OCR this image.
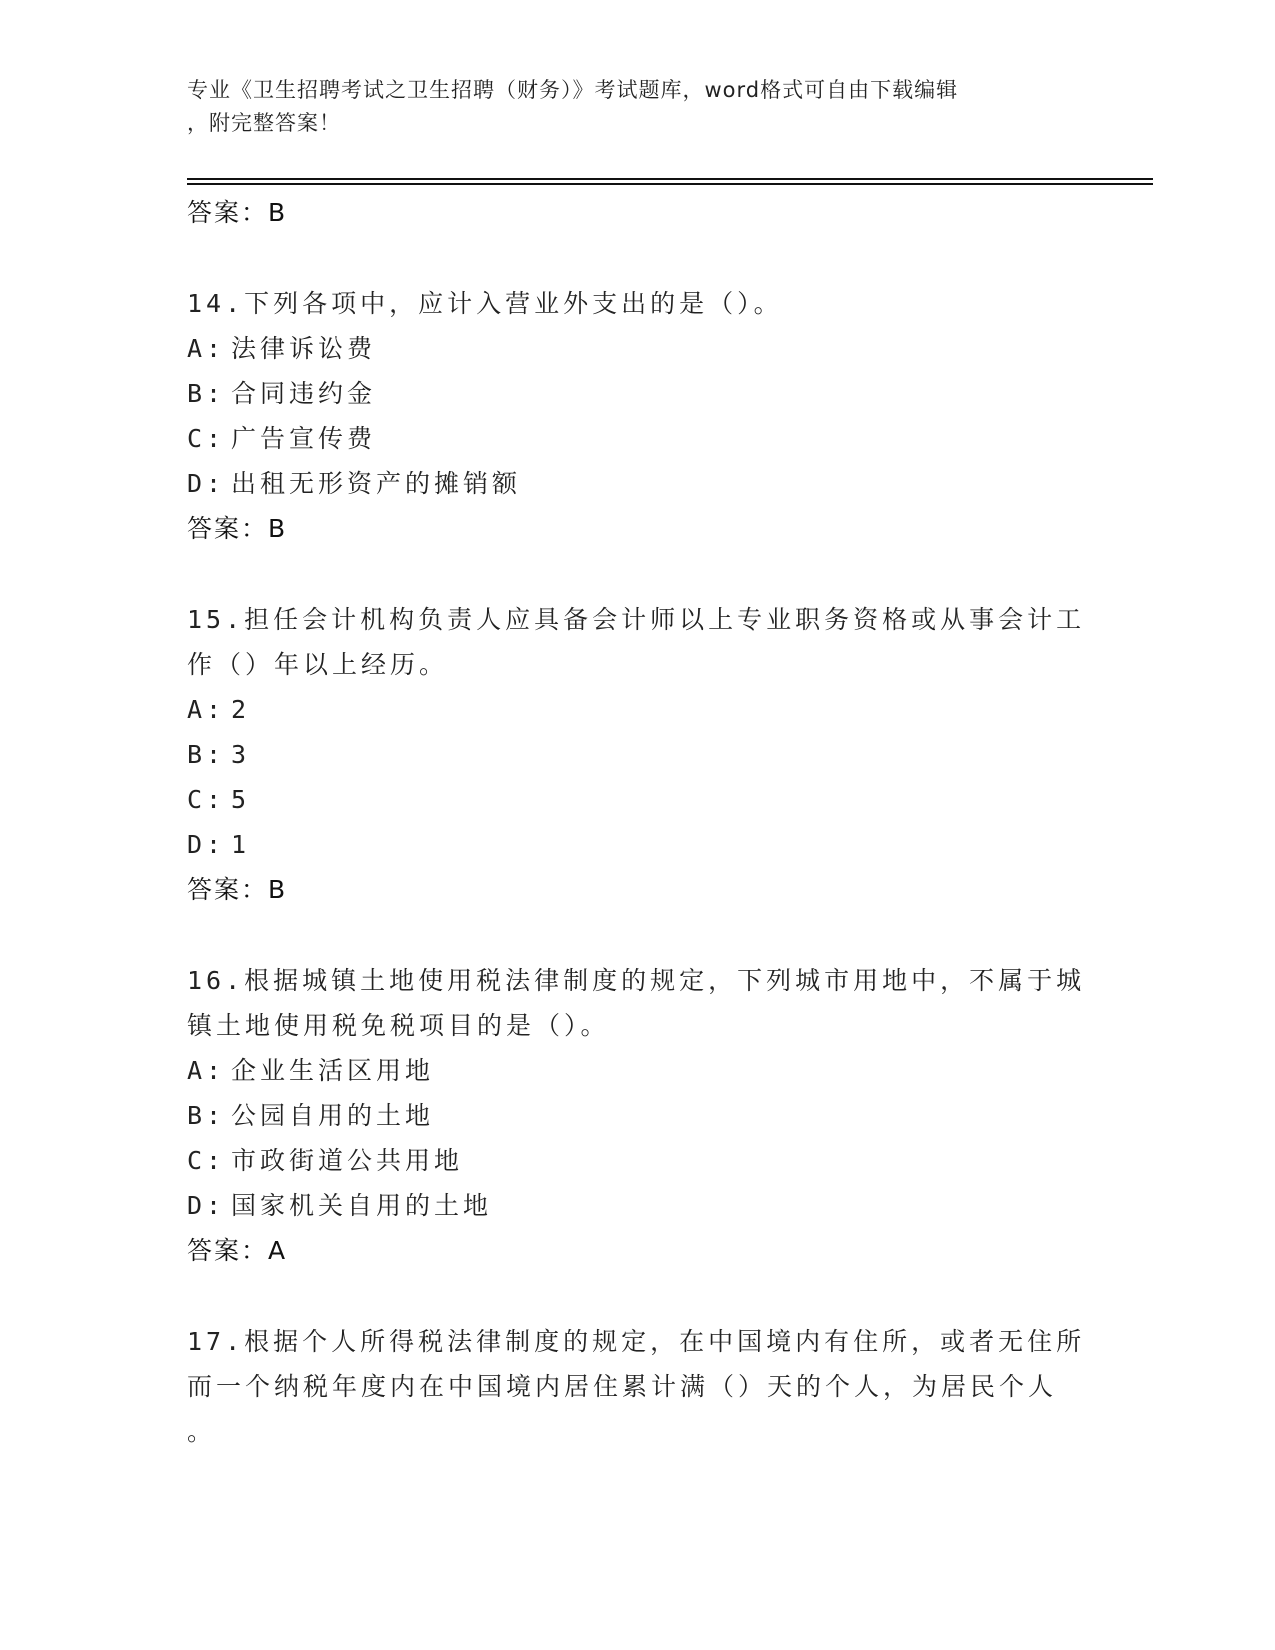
专业《卫生招聘考试之卫生招聘（财务）》考试题库，word格式可自由下载编辑
，附完整答案！
答案：B
14.下列各项中，应计入营业外支出的是（）。
A: 法律诉讼费
B: 合同违约金
C: 广告宣传费
D: 出租无形资产的摊销额
答案：B
15.担任会计机构负责人应具备会计师以上专业职务资格或从事会计工
作（）年以上经历。
A: 2
B: 3
C: 5
D: 1
答案：B
16.根据城镇土地使用税法律制度的规定，下列城市用地中，不属于城
镇土地使用税免税项目的是（）。
A: 企业生活区用地
B: 公园自用的土地
C: 市政街道公共用地
D: 国家机关自用的土地
答案：A
17.根据个人所得税法律制度的规定，在中国境内有住所，或者无住所
而一个纳税年度内在中国境内居住累计满（）天的个人，为居民个人
。
